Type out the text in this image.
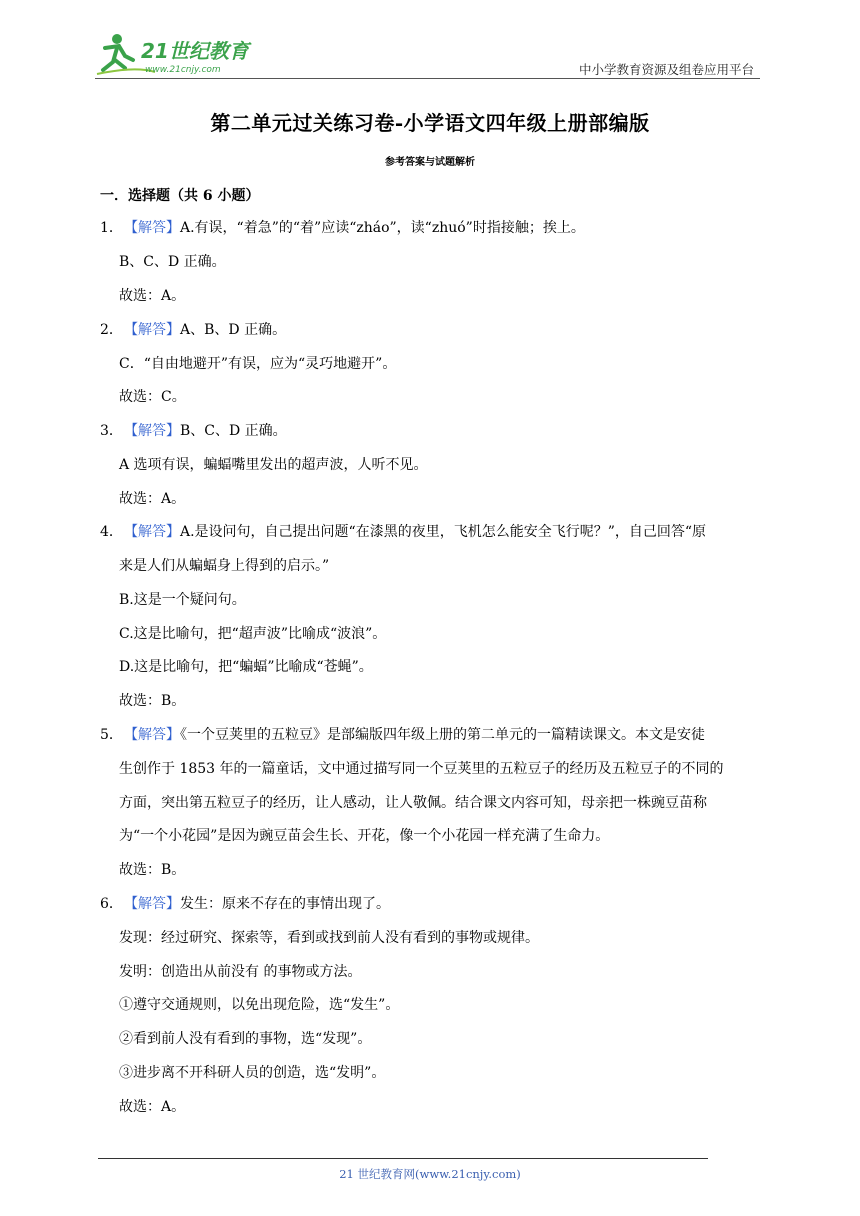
21世纪教育
www.21cnjy.com	中小学教育资源及组卷应用平台
第二单元过关练习卷-小学语文四年级上册部编版
参考答案与试题解析
一．选择题（共 6 小题）
1． 【解答】A.有误，“着急”的“着”应读“zháo”，读“zhuó”时指接触；挨上。
B、C、D 正确。
故选：A。
2． 【解答】A、B、D 正确。
C．“自由地避开”有误，应为“灵巧地避开”。
故选：C。
3． 【解答】B、C、D 正确。
A 选项有误，蝙蝠嘴里发出的超声波，人听不见。
故选：A。
4． 【解答】A.是设问句，自己提出问题“在漆黑的夜里，飞机怎么能安全飞行呢？”，自己回答“原
来是人们从蝙蝠身上得到的启示。”
B.这是一个疑问句。
C.这是比喻句，把“超声波”比喻成“波浪”。
D.这是比喻句，把“蝙蝠”比喻成“苍蝇”。
故选：B。
5． 【解答】《一个豆荚里的五粒豆》是部编版四年级上册的第二单元的一篇精读课文。本文是安徒
生创作于 1853 年的一篇童话，文中通过描写同一个豆荚里的五粒豆子的经历及五粒豆子的不同的
方面，突出第五粒豆子的经历，让人感动，让人敬佩。结合课文内容可知，母亲把一株豌豆苗称
为“一个小花园”是因为豌豆苗会生长、开花，像一个小花园一样充满了生命力。
故选：B。
6． 【解答】发生：原来不存在的事情出现了。
发现：经过研究、探索等，看到或找到前人没有看到的事物或规律。
发明：创造出从前没有 的事物或方法。
①遵守交通规则，以免出现危险，选“发生”。
②看到前人没有看到的事物，选“发现”。
③进步离不开科研人员的创造，选“发明”。
故选：A。
21 世纪教育网(www.21cnjy.com)
